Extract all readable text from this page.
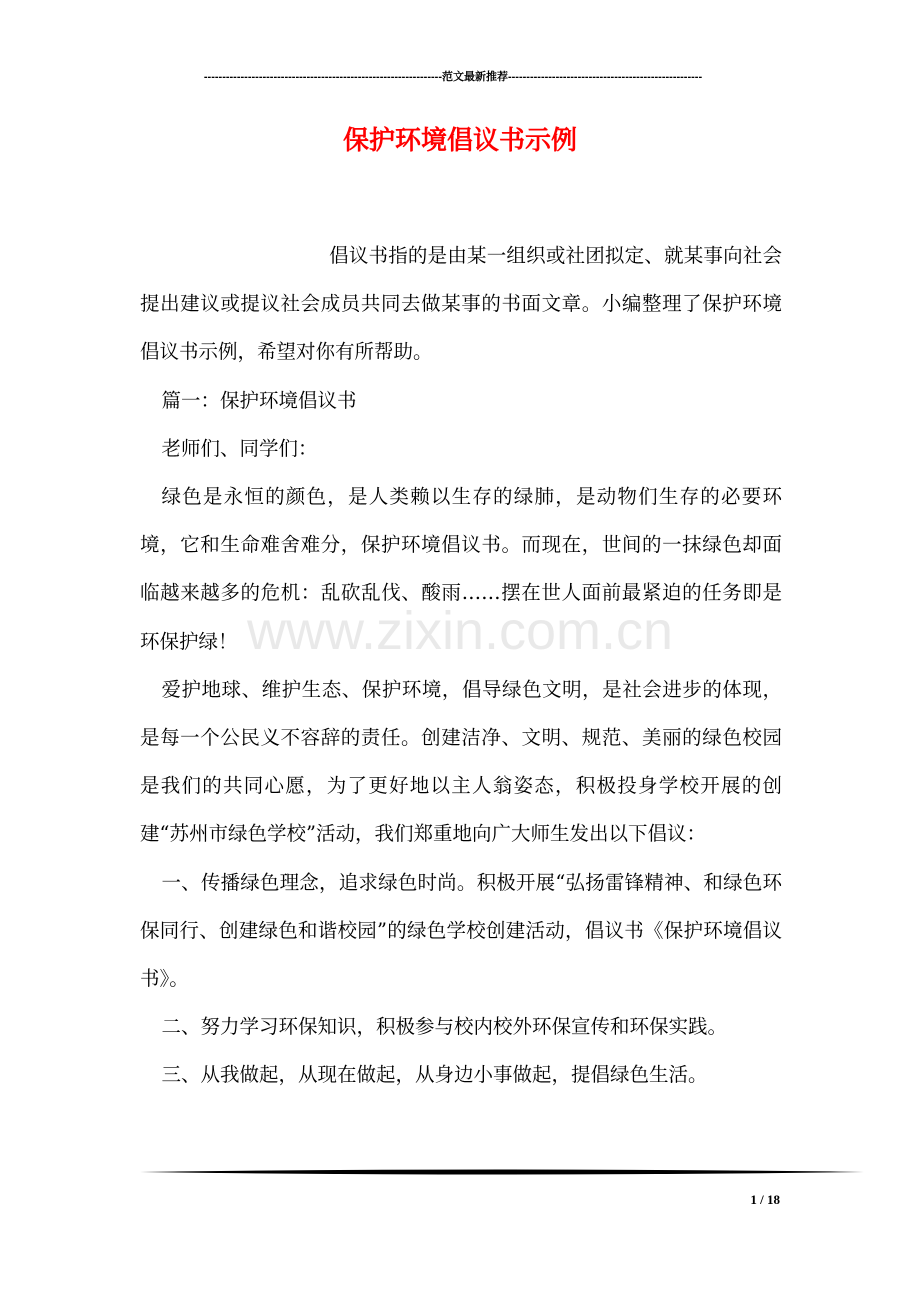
-----------------------------------------------------------------范文最新推荐-----------------------------------------------------
保护环境倡议书示例

倡议书指的是由某一组织或社团拟定、就某事向社会提出建议或提议社会成员共同去做某事的书面文章。小编整理了保护环境倡议书示例，希望对你有所帮助。

篇一：保护环境倡议书

老师们、同学们：

绿色是永恒的颜色，是人类赖以生存的绿肺，是动物们生存的必要环境，它和生命难舍难分，保护环境倡议书。而现在，世间的一抹绿色却面临越来越多的危机：乱砍乱伐、酸雨……摆在世人面前最紧迫的任务即是环保护绿！

爱护地球、维护生态、保护环境，倡导绿色文明，是社会进步的体现，是每一个公民义不容辞的责任。创建洁净、文明、规范、美丽的绿色校园是我们的共同心愿，为了更好地以主人翁姿态，积极投身学校开展的创建“苏州市绿色学校”活动，我们郑重地向广大师生发出以下倡议：

一、传播绿色理念，追求绿色时尚。积极开展“弘扬雷锋精神、和绿色环保同行、创建绿色和谐校园”的绿色学校创建活动，倡议书《保护环境倡议书》。

二、努力学习环保知识，积极参与校内校外环保宣传和环保实践。

三、从我做起，从现在做起，从身边小事做起，提倡绿色生活。

www.zixin.com.cn
1 / 18
